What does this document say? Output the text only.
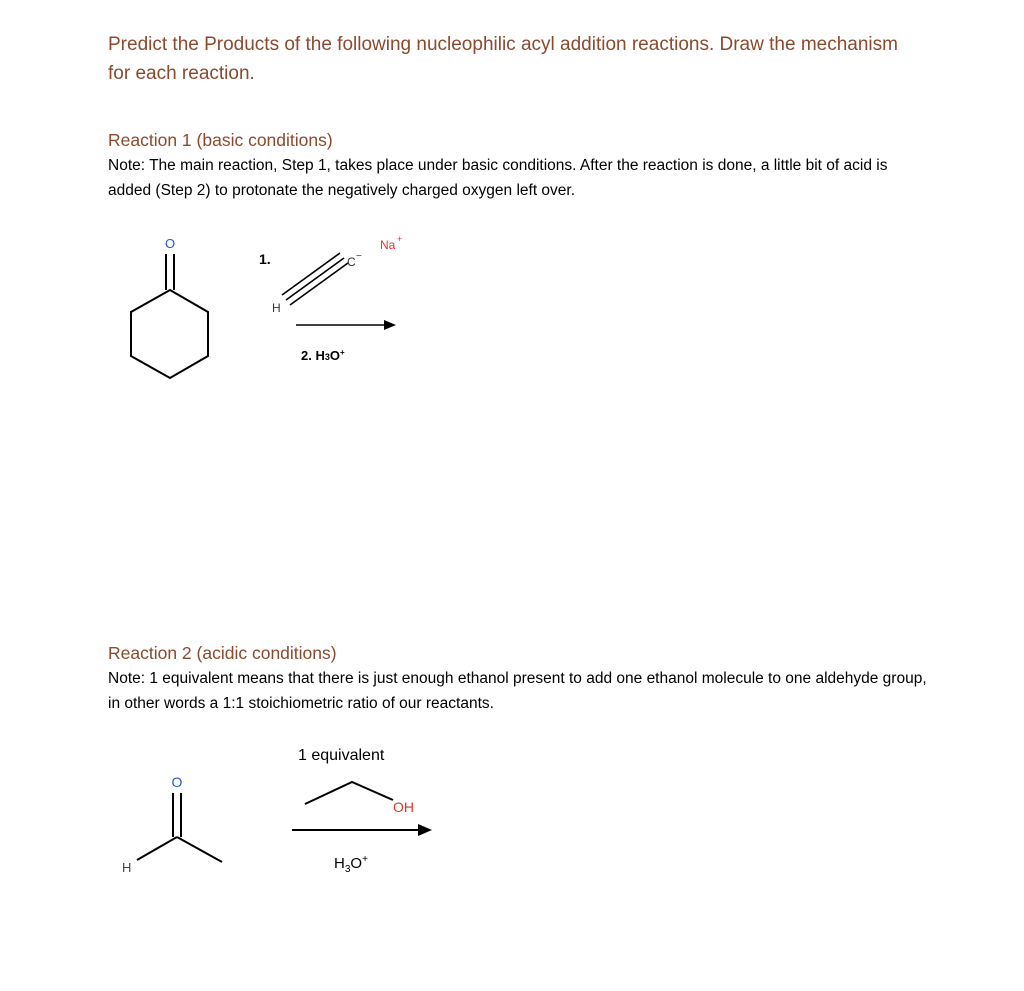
Predict the Products of the following nucleophilic acyl addition reactions. Draw the mechanism for each reaction.
Reaction 1 (basic conditions)
Note: The main reaction, Step 1, takes place under basic conditions. After the reaction is done, a little bit of acid is added (Step 2) to protonate the negatively charged oxygen left over.
O
1.
H
C −
Na +
2. H3O+
Reaction 2 (acidic conditions)
Note: 1 equivalent means that there is just enough ethanol present to add one ethanol molecule to one aldehyde group, in other words a 1:1 stoichiometric ratio of our reactants.
O
H
1 equivalent
OH
$H_3O^+$
